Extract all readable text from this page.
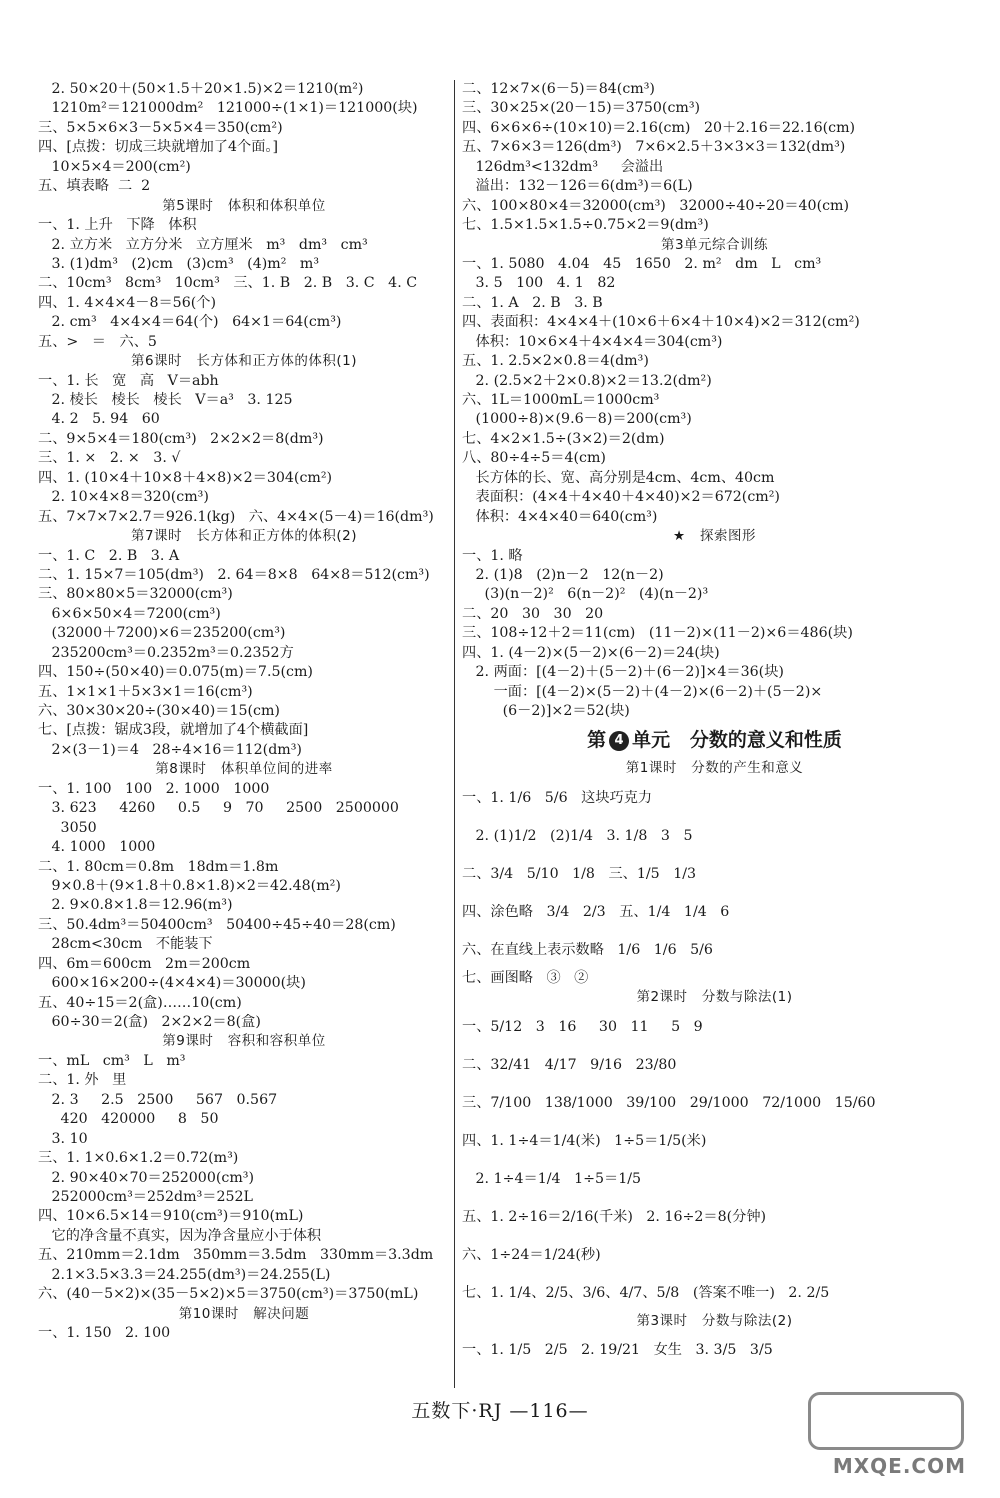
2. 50×20＋(50×1.5＋20×1.5)×2＝1210(m²)
1210m²＝121000dm²   121000÷(1×1)＝121000(块)
三、5×5×6×3－5×5×4＝350(cm²)
四、[点拨：切成三块就增加了4个面。]
10×5×4＝200(cm²)
五、填表略  二  2
第5课时   体积和体积单位
一、1. 上升   下降   体积
2. 立方米   立方分米   立方厘米   m³   dm³   cm³
3. (1)dm³   (2)cm   (3)cm³   (4)m²   m³
二、10cm³   8cm³   10cm³   三、1. B   2. B   3. C   4. C
四、1. 4×4×4－8＝56(个)
2. cm³   4×4×4＝64(个)   64×1＝64(cm³)
五、>   ＝   六、5
第6课时   长方体和正方体的体积(1)
一、1. 长   宽   高   V＝abh
2. 棱长   棱长   棱长   V＝a³   3. 125
4. 2   5. 94   60
二、9×5×4＝180(cm³)   2×2×2＝8(dm³)
三、1. ×   2. ×   3. √
四、1. (10×4＋10×8＋4×8)×2＝304(cm²)
2. 10×4×8＝320(cm³)
五、7×7×7×2.7＝926.1(kg)   六、4×4×(5－4)＝16(dm³)
第7课时   长方体和正方体的体积(2)
一、1. C   2. B   3. A
二、1. 15×7＝105(dm³)   2. 64＝8×8   64×8＝512(cm³)
三、80×80×5＝32000(cm³)
6×6×50×4＝7200(cm³)
(32000＋7200)×6＝235200(cm³)
235200cm³＝0.2352m³＝0.2352方
四、150÷(50×40)＝0.075(m)＝7.5(cm)
五、1×1×1＋5×3×1＝16(cm³)
六、30×30×20÷(30×40)＝15(cm)
七、[点拨：锯成3段，就增加了4个横截面]
2×(3－1)＝4   28÷4×16＝112(dm³)
第8课时   体积单位间的进率
一、1. 100   100   2. 1000   1000
3. 623     4260     0.5     9   70     2500   2500000
3050
4. 1000   1000
二、1. 80cm＝0.8m   18dm＝1.8m
9×0.8＋(9×1.8＋0.8×1.8)×2＝42.48(m²)
2. 9×0.8×1.8＝12.96(m³)
三、50.4dm³＝50400cm³   50400÷45÷40＝28(cm)
28cm<30cm   不能装下
四、6m＝600cm   2m＝200cm
600×16×200÷(4×4×4)＝30000(块)
五、40÷15＝2(盒)……10(cm)
60÷30＝2(盒)   2×2×2＝8(盒)
第9课时   容积和容积单位
一、mL   cm³   L   m³
二、1. 外   里
2. 3     2.5   2500     567   0.567
420   420000     8   50
3. 10
三、1. 1×0.6×1.2＝0.72(m³)
2. 90×40×70＝252000(cm³)
252000cm³＝252dm³＝252L
四、10×6.5×14＝910(cm³)＝910(mL)
它的净含量不真实，因为净含量应小于体积
五、210mm＝2.1dm   350mm＝3.5dm   330mm＝3.3dm
2.1×3.5×3.3＝24.255(dm³)＝24.255(L)
六、(40－5×2)×(35－5×2)×5＝3750(cm³)＝3750(mL)
第10课时   解决问题
一、1. 150   2. 100
二、12×7×(6－5)＝84(cm³)
三、30×25×(20－15)＝3750(cm³)
四、6×6×6÷(10×10)＝2.16(cm)   20＋2.16＝22.16(cm)
五、7×6×3＝126(dm³)   7×6×2.5＋3×3×3＝132(dm³)
126dm³<132dm³     会溢出
溢出：132－126＝6(dm³)＝6(L)
六、100×80×4＝32000(cm³)   32000÷40÷20＝40(cm)
七、1.5×1.5×1.5÷0.75×2＝9(dm³)
第3单元综合训练
一、1. 5080   4.04   45   1650   2. m²   dm   L   cm³
3. 5   100   4. 1   82
二、1. A   2. B   3. B
四、表面积：4×4×4＋(10×6＋6×4＋10×4)×2＝312(cm²)
体积：10×6×4＋4×4×4＝304(cm³)
五、1. 2.5×2×0.8＝4(dm³)
2. (2.5×2＋2×0.8)×2＝13.2(dm²)
六、1L＝1000mL＝1000cm³
(1000÷8)×(9.6－8)＝200(cm³)
七、4×2×1.5÷(3×2)＝2(dm)
八、80÷4÷5＝4(cm)
长方体的长、宽、高分别是4cm、4cm、40cm
表面积：(4×4＋4×40＋4×40)×2＝672(cm²)
体积：4×4×40＝640(cm³)
★   探索图形
一、1. 略
2. (1)8   (2)n－2   12(n－2)
(3)(n－2)²   6(n－2)²   (4)(n－2)³
二、20   30   30   20
三、108÷12＋2＝11(cm)   (11－2)×(11－2)×6＝486(块)
四、1. (4－2)×(5－2)×(6－2)＝24(块)
2. 两面：[(4－2)＋(5－2)＋(6－2)]×4＝36(块)
一面：[(4－2)×(5－2)＋(4－2)×(6－2)＋(5－2)×
(6－2)]×2＝52(块)
第 4 单元   分数的意义和性质
第1课时   分数的产生和意义
一、1. 1/6   5/6   这块巧克力
2. (1)1/2   (2)1/4   3. 1/8   3   5
二、3/4   5/10   1/8   三、1/5   1/3
四、涂色略   3/4   2/3   五、1/4   1/4   6
六、在直线上表示数略   1/6   1/6   5/6
七、画图略   ③   ②
第2课时   分数与除法(1)
一、5/12   3   16     30   11     5   9
二、32/41   4/17   9/16   23/80
三、7/100   138/1000   39/100   29/1000   72/1000   15/60
四、1. 1÷4＝1/4(米)   1÷5＝1/5(米)
2. 1÷4＝1/4   1÷5＝1/5
五、1. 2÷16＝2/16(千米)   2. 16÷2＝8(分钟)
六、1÷24＝1/24(秒)
七、1. 1/4、2/5、3/6、4/7、5/8   (答案不唯一)   2. 2/5
第3课时   分数与除法(2)
一、1. 1/5   2/5   2. 19/21   女生   3. 3/5   3/5
五数下·RJ —116—
MXQE.COM
